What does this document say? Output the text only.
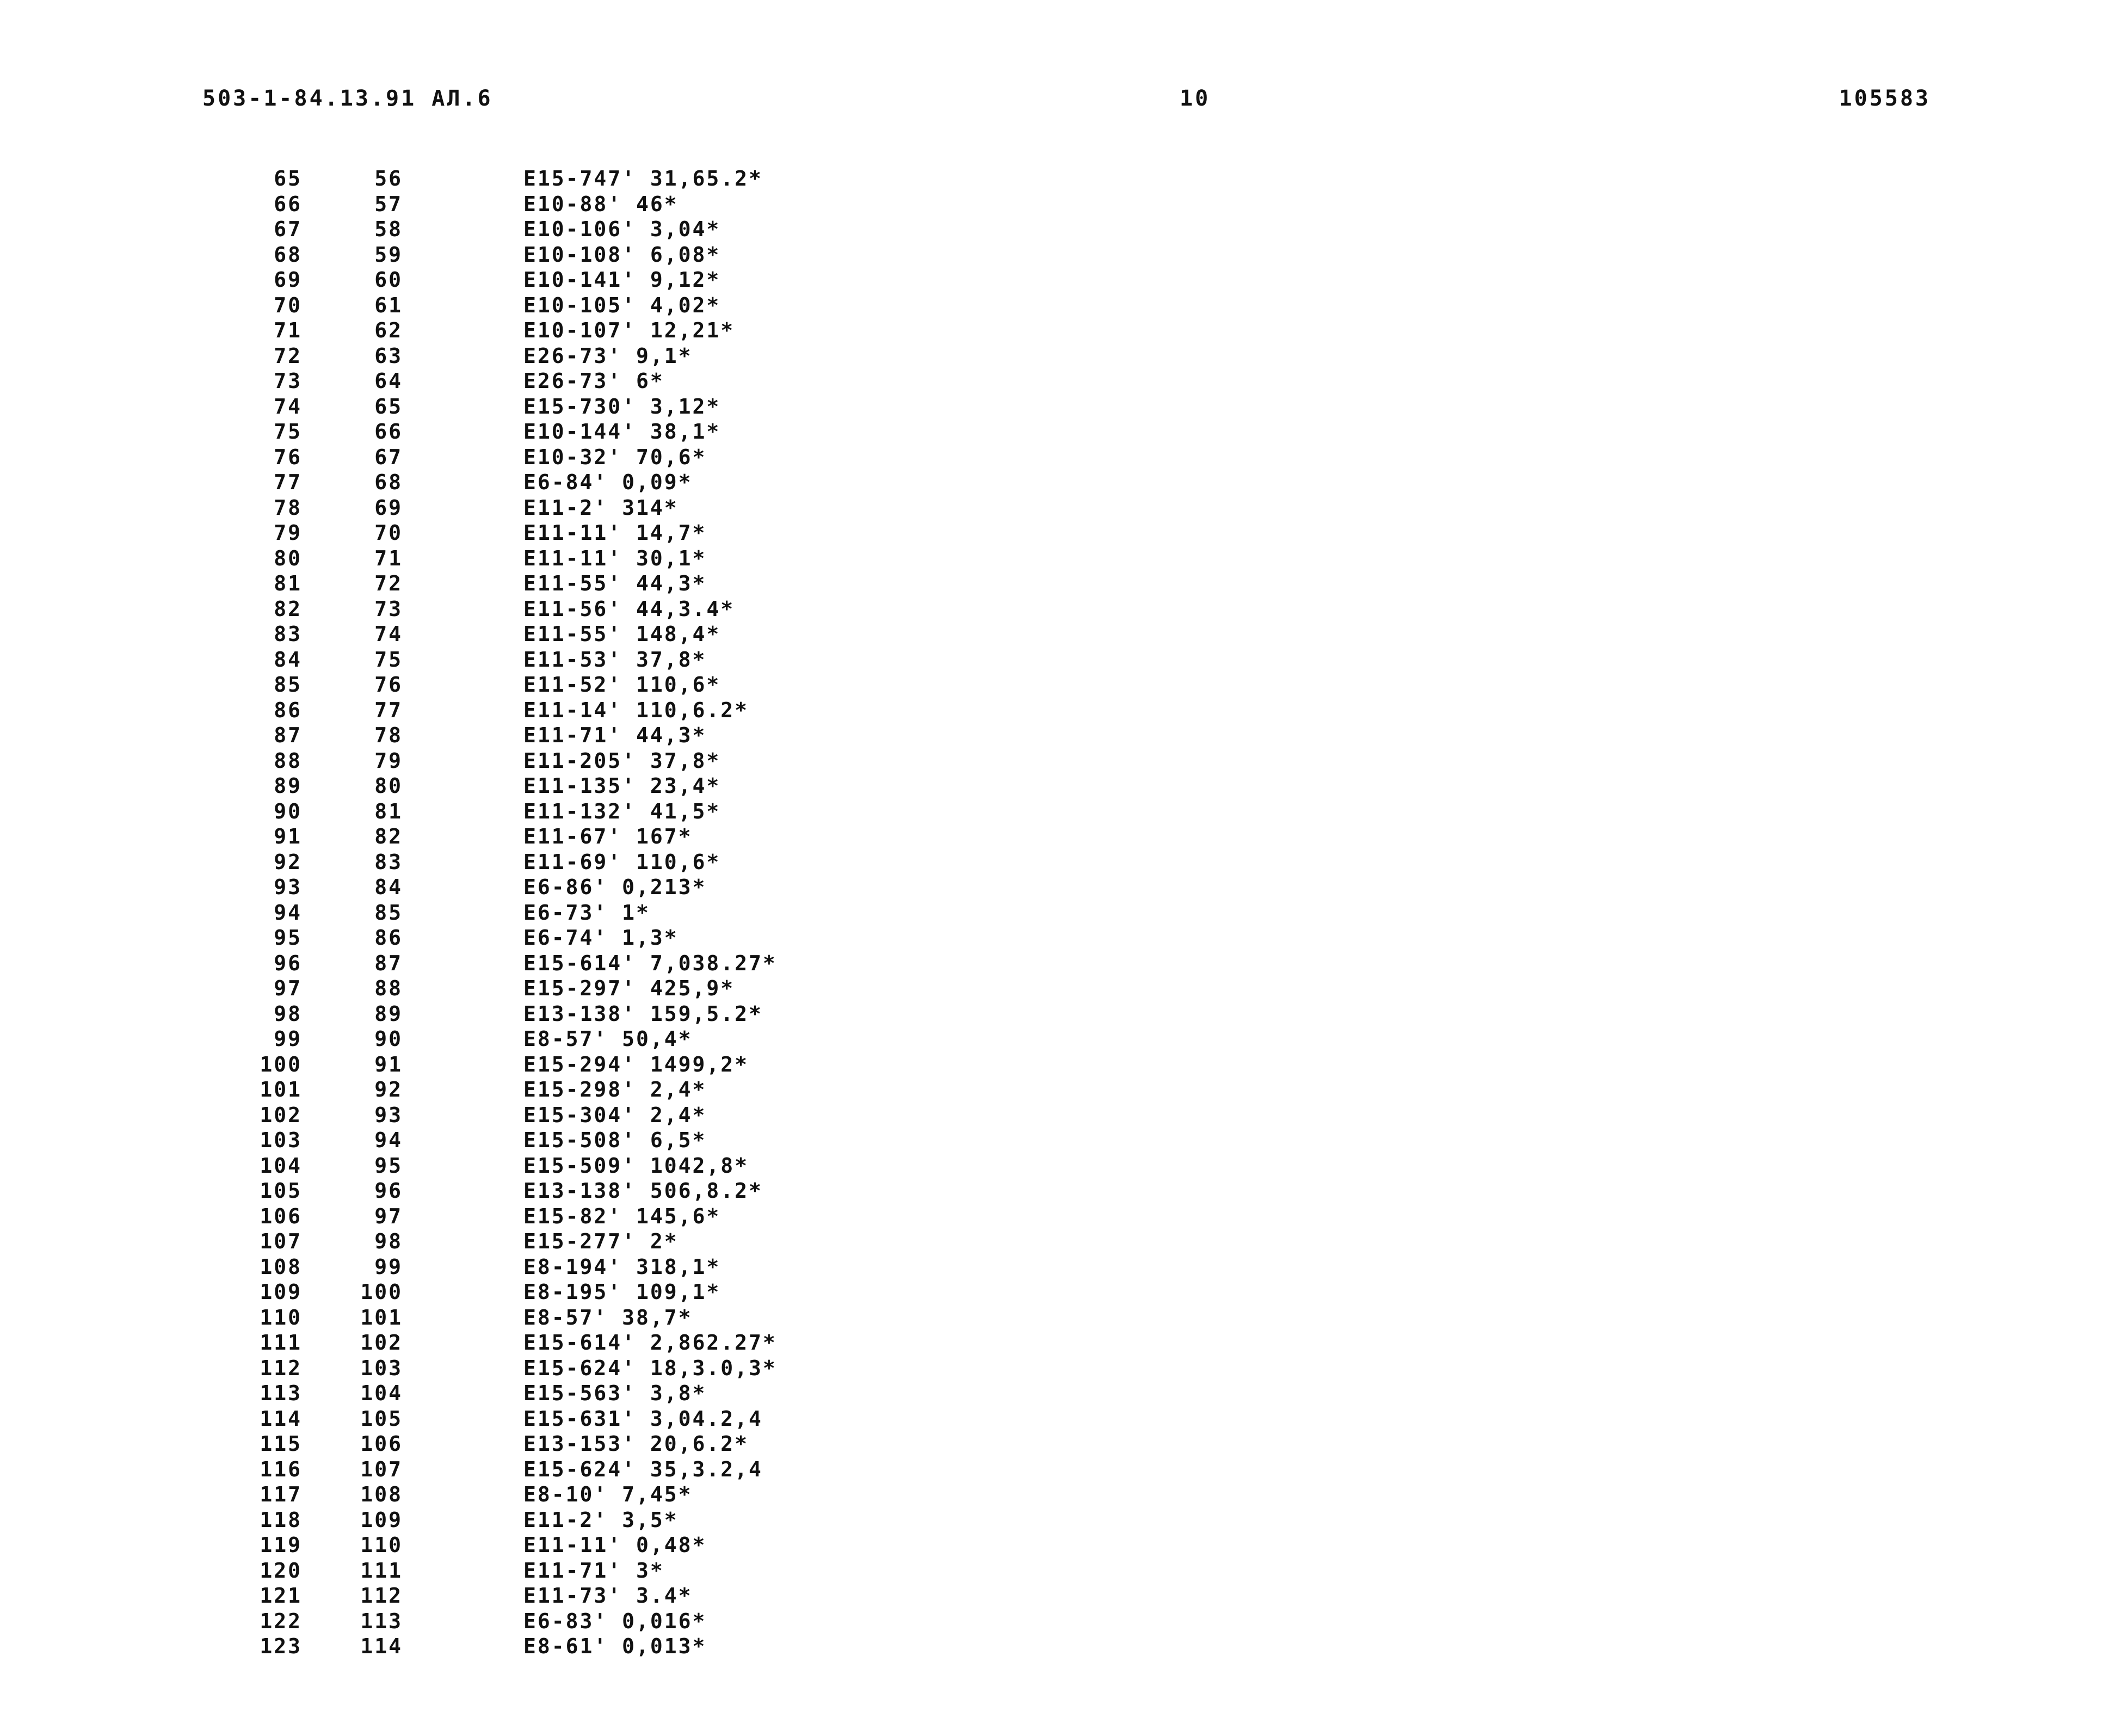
503-1-84.13.91 АЛ.6	10	105583
65	56	E15-747' 31,65.2*
66	57	E10-88' 46*
67	58	E10-106' 3,04*
68	59	E10-108' 6,08*
69	60	E10-141' 9,12*
70	61	E10-105' 4,02*
71	62	E10-107' 12,21*
72	63	E26-73' 9,1*
73	64	E26-73' 6*
74	65	E15-730' 3,12*
75	66	E10-144' 38,1*
76	67	E10-32' 70,6*
77	68	E6-84' 0,09*
78	69	E11-2' 314*
79	70	E11-11' 14,7*
80	71	E11-11' 30,1*
81	72	E11-55' 44,3*
82	73	E11-56' 44,3.4*
83	74	E11-55' 148,4*
84	75	E11-53' 37,8*
85	76	E11-52' 110,6*
86	77	E11-14' 110,6.2*
87	78	E11-71' 44,3*
88	79	E11-205' 37,8*
89	80	E11-135' 23,4*
90	81	E11-132' 41,5*
91	82	E11-67' 167*
92	83	E11-69' 110,6*
93	84	E6-86' 0,213*
94	85	E6-73' 1*
95	86	E6-74' 1,3*
96	87	E15-614' 7,038.27*
97	88	E15-297' 425,9*
98	89	E13-138' 159,5.2*
99	90	E8-57' 50,4*
100	91	E15-294' 1499,2*
101	92	E15-298' 2,4*
102	93	E15-304' 2,4*
103	94	E15-508' 6,5*
104	95	E15-509' 1042,8*
105	96	E13-138' 506,8.2*
106	97	E15-82' 145,6*
107	98	E15-277' 2*
108	99	E8-194' 318,1*
109	100	E8-195' 109,1*
110	101	E8-57' 38,7*
111	102	E15-614' 2,862.27*
112	103	E15-624' 18,3.0,3*
113	104	E15-563' 3,8*
114	105	E15-631' 3,04.2,4
115	106	E13-153' 20,6.2*
116	107	E15-624' 35,3.2,4
117	108	E8-10' 7,45*
118	109	E11-2' 3,5*
119	110	E11-11' 0,48*
120	111	E11-71' 3*
121	112	E11-73' 3.4*
122	113	E6-83' 0,016*
123	114	E8-61' 0,013*
